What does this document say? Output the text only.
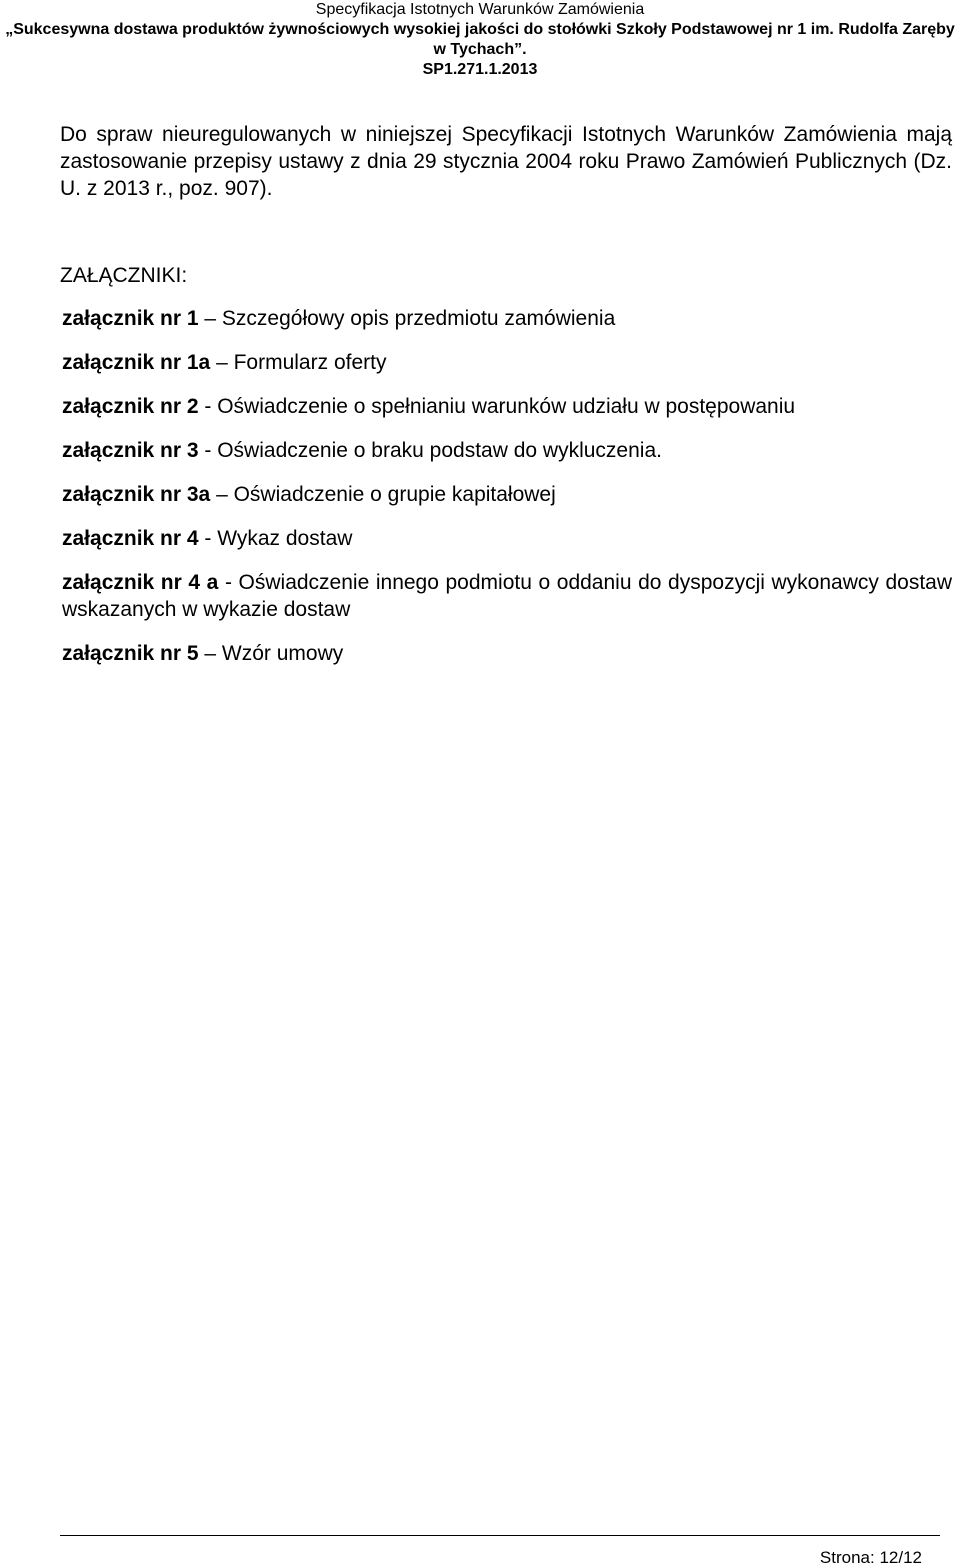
Specyfikacja Istotnych Warunków Zamówienia
„Sukcesywna dostawa produktów żywnościowych wysokiej jakości do stołówki Szkoły Podstawowej nr 1 im. Rudolfa Zaręby
w Tychach”.
SP1.271.1.2013

Do spraw nieuregulowanych w niniejszej Specyfikacji Istotnych Warunków Zamówienia mają zastosowanie przepisy ustawy z dnia 29 stycznia 2004 roku Prawo Zamówień Publicznych (Dz. U. z 2013 r., poz. 907).

ZAŁĄCZNIKI:
załącznik nr 1 – Szczegółowy opis przedmiotu zamówienia
załącznik nr 1a – Formularz oferty
załącznik nr 2 - Oświadczenie o spełnianiu warunków udziału w postępowaniu
załącznik nr 3 - Oświadczenie o braku podstaw do wykluczenia.
załącznik nr 3a – Oświadczenie o grupie kapitałowej
załącznik nr 4 - Wykaz dostaw
załącznik nr 4 a - Oświadczenie innego podmiotu o oddaniu do dyspozycji wykonawcy dostaw wskazanych w wykazie dostaw
załącznik nr 5 – Wzór umowy
Strona: 12/12
